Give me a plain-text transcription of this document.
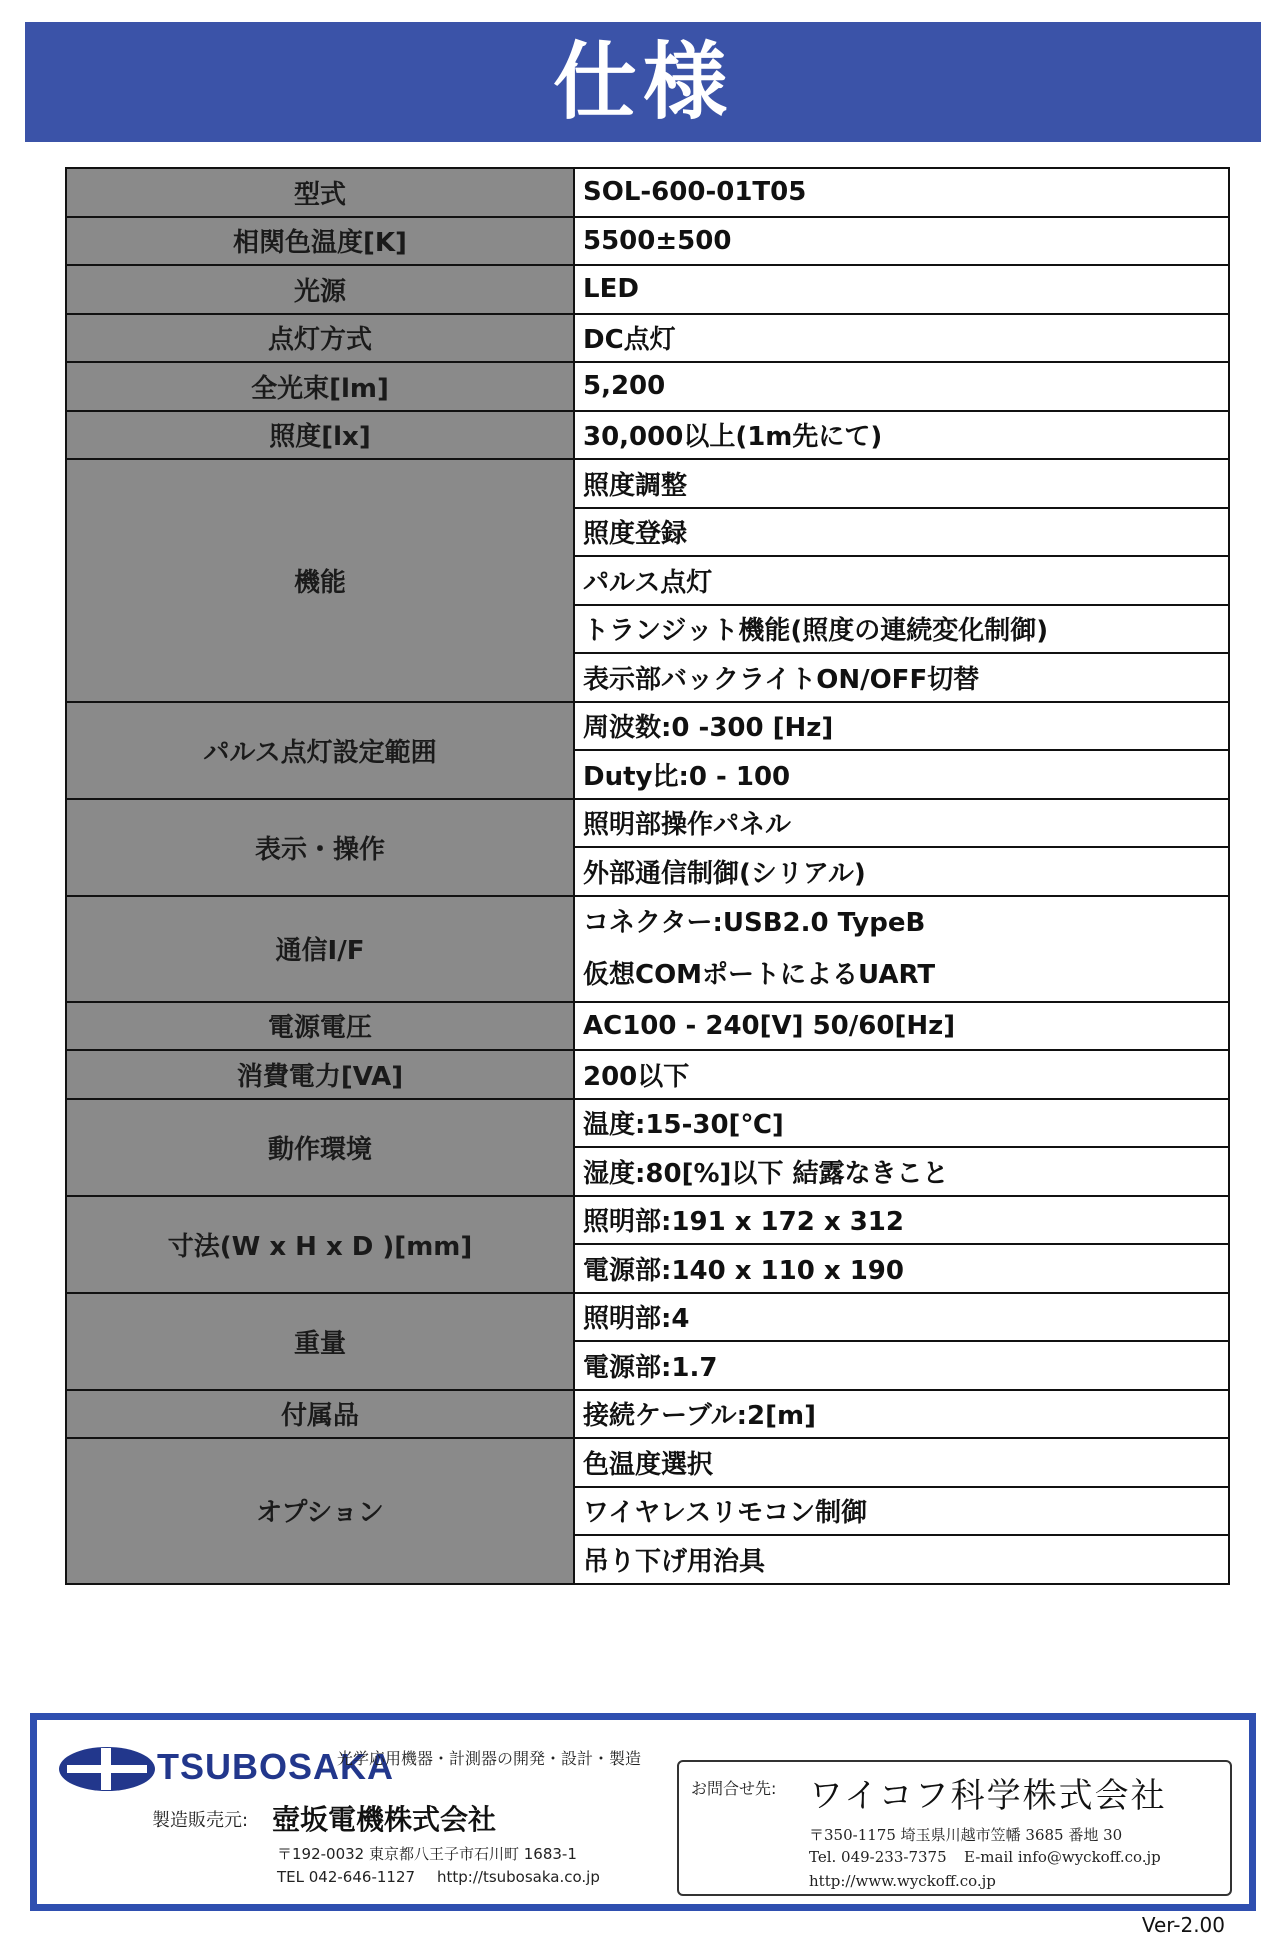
仕様
型式	SOL-600-01T05
相関色温度[K]	5500±500
光源	LED
点灯方式	DC点灯
全光束[lm]	5,200
照度[lx]	30,000以上(1m先にて)
機能	照度調整
	照度登録
	パルス点灯
	トランジット機能(照度の連続変化制御)
	表示部バックライトON/OFF切替
パルス点灯設定範囲	周波数:0 -300 [Hz]
	Duty比:0 - 100
表示・操作	照明部操作パネル
	外部通信制御(シリアル)
通信I/F	コネクター:USB2.0 TypeB
仮想COMポートによるUART

電源電圧	AC100 - 240[V] 50/60[Hz]
消費電力[VA]	200以下
動作環境	温度:15-30[℃]
	湿度:80[%]以下 結露なきこと
寸法(W x H x D )[mm]	照明部:191 x 172 x 312
	電源部:140 x 110 x 190
重量	照明部:4
	電源部:1.7
付属品	接続ケーブル:2[m]
オプション	色温度選択
	ワイヤレスリモコン制御
	吊り下げ用治具
TSUBOSAKA
光学応用機器・計測器の開発・設計・製造
製造販売元: 壺坂電機株式会社
〒192-0032 東京都八王子市石川町 1683-1
TEL 042-646-1127 http://tsubosaka.co.jp
お問合せ先: ワイコフ科学株式会社
〒350-1175 埼玉県川越市笠幡 3685 番地 30
Tel. 049-233-7375 E-mail info@wyckoff.co.jp
http://www.wyckoff.co.jp
Ver-2.00
